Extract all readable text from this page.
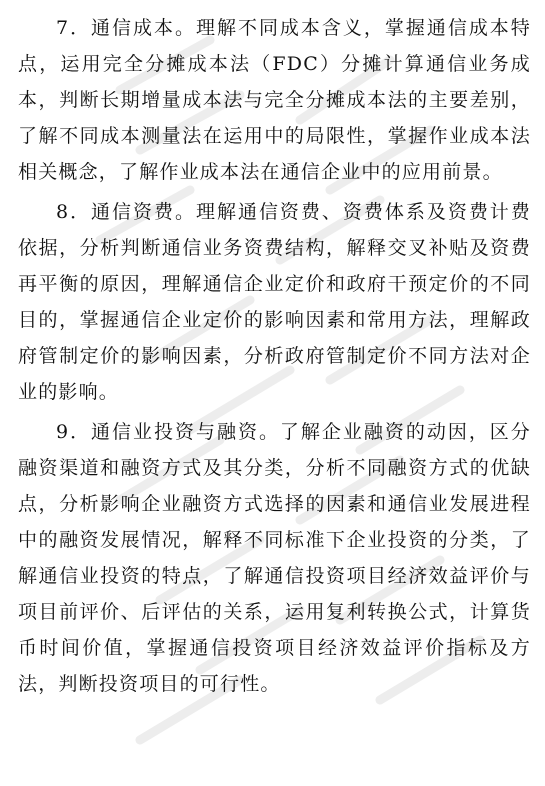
7．通信成本。理解不同成本含义，掌握通信成本特点，运用完全分摊成本法（FDC）分摊计算通信业务成本，判断长期增量成本法与完全分摊成本法的主要差别，了解不同成本测量法在运用中的局限性，掌握作业成本法相关概念，了解作业成本法在通信企业中的应用前景。

8．通信资费。理解通信资费、资费体系及资费计费依据，分析判断通信业务资费结构，解释交叉补贴及资费再平衡的原因，理解通信企业定价和政府干预定价的不同目的，掌握通信企业定价的影响因素和常用方法，理解政府管制定价的影响因素，分析政府管制定价不同方法对企业的影响。

9．通信业投资与融资。了解企业融资的动因，区分融资渠道和融资方式及其分类，分析不同融资方式的优缺点，分析影响企业融资方式选择的因素和通信业发展进程中的融资发展情况，解释不同标准下企业投资的分类，了解通信业投资的特点，了解通信投资项目经济效益评价与项目前评价、后评估的关系，运用复利转换公式，计算货币时间价值，掌握通信投资项目经济效益评价指标及方法，判断投资项目的可行性。
